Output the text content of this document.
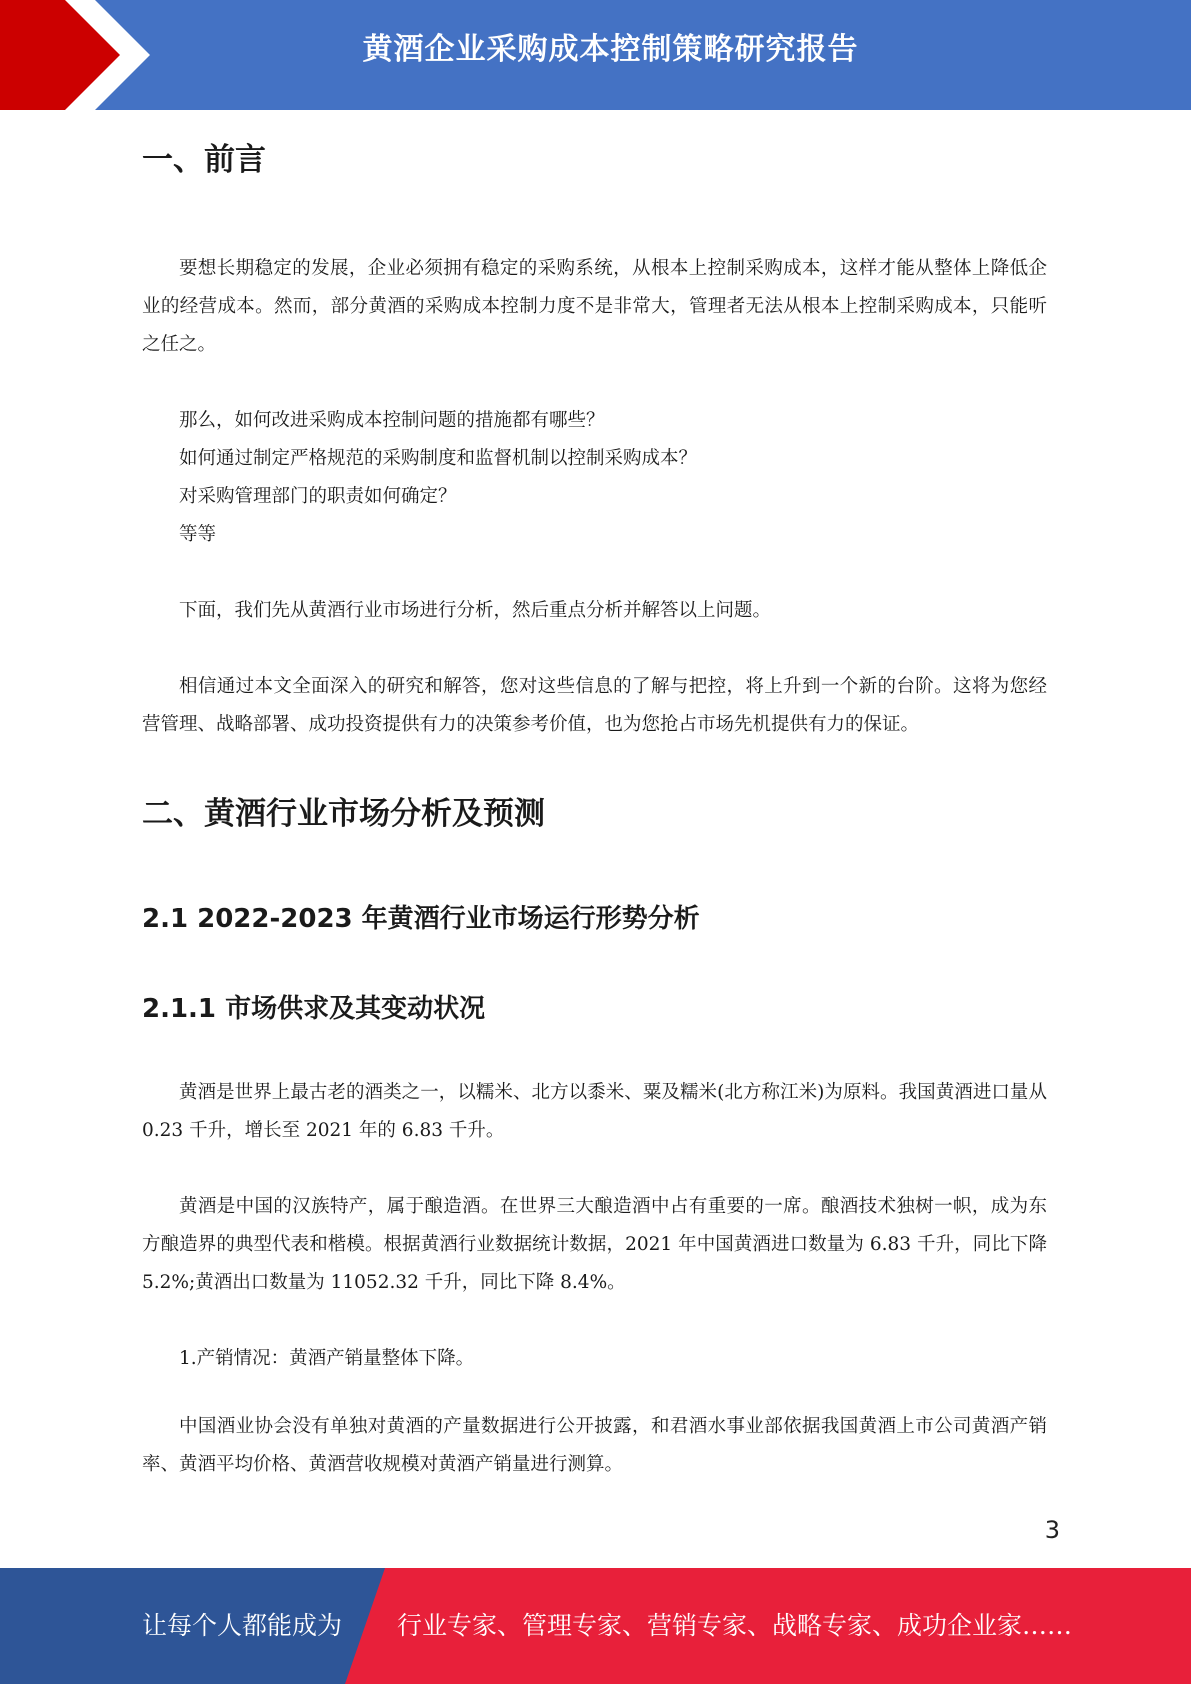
黄酒企业采购成本控制策略研究报告
一、前言

要想长期稳定的发展，企业必须拥有稳定的采购系统，从根本上控制采购成本，这样才能从整体上降低企业的经营成本。然而，部分黄酒的采购成本控制力度不是非常大，管理者无法从根本上控制采购成本，只能听之任之。

那么，如何改进采购成本控制问题的措施都有哪些？

如何通过制定严格规范的采购制度和监督机制以控制采购成本？

对采购管理部门的职责如何确定？

等等

下面，我们先从黄酒行业市场进行分析，然后重点分析并解答以上问题。

相信通过本文全面深入的研究和解答，您对这些信息的了解与把控，将上升到一个新的台阶。这将为您经营管理、战略部署、成功投资提供有力的决策参考价值，也为您抢占市场先机提供有力的保证。

二、黄酒行业市场分析及预测
2.1 2022-2023 年黄酒行业市场运行形势分析
2.1.1 市场供求及其变动状况

黄酒是世界上最古老的酒类之一，以糯米、北方以黍米、粟及糯米(北方称江米)为原料。我国黄酒进口量从 0.23 千升，增长至 2021 年的 6.83 千升。

黄酒是中国的汉族特产，属于酿造酒。在世界三大酿造酒中占有重要的一席。酿酒技术独树一帜，成为东方酿造界的典型代表和楷模。根据黄酒行业数据统计数据，2021 年中国黄酒进口数量为 6.83 千升，同比下降 5.2%;黄酒出口数量为 11052.32 千升，同比下降 8.4%。

1.产销情况：黄酒产销量整体下降。

中国酒业协会没有单独对黄酒的产量数据进行公开披露，和君酒水事业部依据我国黄酒上市公司黄酒产销率、黄酒平均价格、黄酒营收规模对黄酒产销量进行测算。

3
让每个人都能成为 行业专家、管理专家、营销专家、战略专家、成功企业家……
